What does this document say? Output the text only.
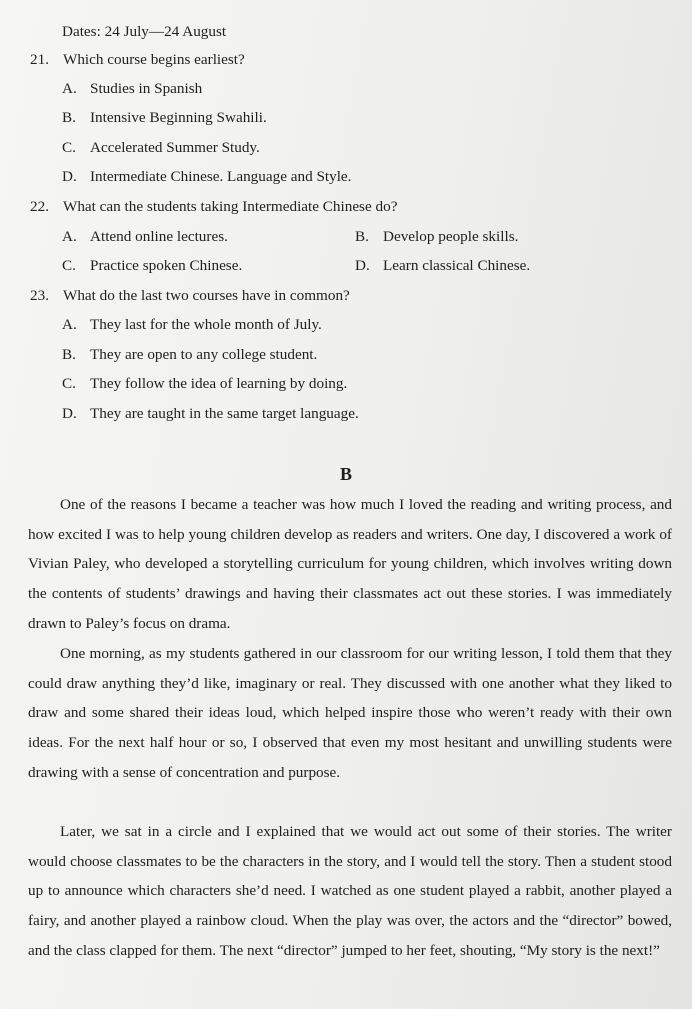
Dates: 24 July—24 August
21. Which course begins earliest?
A. Studies in Spanish
B. Intensive Beginning Swahili.
C. Accelerated Summer Study.
D. Intermediate Chinese. Language and Style.
22. What can the students taking Intermediate Chinese do?
A. Attend online lectures.	B. Develop people skills.
C. Practice spoken Chinese.	D. Learn classical Chinese.
23. What do the last two courses have in common?
A. They last for the whole month of July.
B. They are open to any college student.
C. They follow the idea of learning by doing.
D. They are taught in the same target language.
B
One of the reasons I became a teacher was how much I loved the reading and writing process, and how excited I was to help young children develop as readers and writers. One day, I discovered a work of Vivian Paley, who developed a storytelling curriculum for young children, which involves writing down the contents of students’ drawings and having their classmates act out these stories. I was immediately drawn to Paley’s focus on drama.
One morning, as my students gathered in our classroom for our writing lesson, I told them that they could draw anything they’d like, imaginary or real. They discussed with one another what they liked to draw and some shared their ideas loud, which helped inspire those who weren’t ready with their own ideas. For the next half hour or so, I observed that even my most hesitant and unwilling students were drawing with a sense of concentration and purpose.
Later, we sat in a circle and I explained that we would act out some of their stories. The writer would choose classmates to be the characters in the story, and I would tell the story. Then a student stood up to announce which characters she’d need. I watched as one student played a rabbit, another played a fairy, and another played a rainbow cloud. When the play was over, the actors and the “director” bowed, and the class clapped for them. The next “director” jumped to her feet, shouting, “My story is the next!”
